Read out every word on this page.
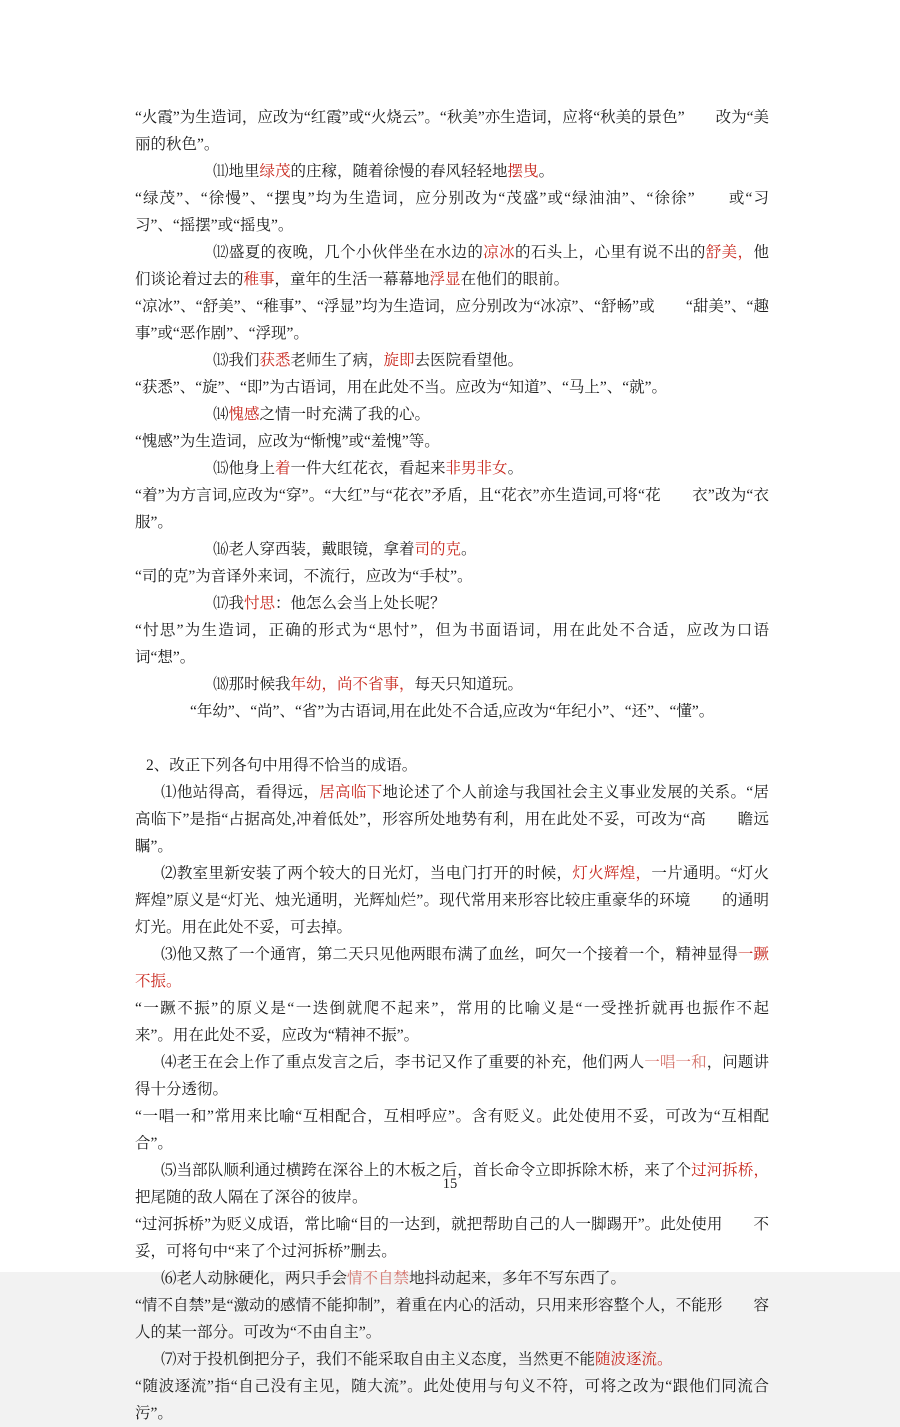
“火霞”为生造词，应改为“红霞”或“火烧云”。“秋美”亦生造词，应将“秋美的景色”　　改为“美丽的秋色”。

⑾地里绿茂的庄稼，随着徐慢的春风轻轻地摆曳。

“绿茂”、“徐慢”、“摆曳”均为生造词，应分别改为“茂盛”或“绿油油”、“徐徐”　　或“习习”、“摇摆”或“摇曳”。

⑿盛夏的夜晚，几个小伙伴坐在水边的凉冰的石头上，心里有说不出的舒美，他们谈论着过去的稚事，童年的生活一幕幕地浮显在他们的眼前。

“凉冰”、“舒美”、“稚事”、“浮显”均为生造词，应分别改为“冰凉”、“舒畅”或　　“甜美”、“趣事”或“恶作剧”、“浮现”。

⒀我们获悉老师生了病，旋即去医院看望他。

“获悉”、“旋”、“即”为古语词，用在此处不当。应改为“知道”、“马上”、“就”。

⒁愧感之情一时充满了我的心。

“愧感”为生造词，应改为“惭愧”或“羞愧”等。

⒂他身上着一件大红花衣，看起来非男非女。

“着”为方言词,应改为“穿”。“大红”与“花衣”矛盾，且“花衣”亦生造词,可将“花　　衣”改为“衣服”。

⒃老人穿西装，戴眼镜，拿着司的克。

“司的克”为音译外来词，不流行，应改为“手杖”。

⒄我忖思：他怎么会当上处长呢？

“忖思”为生造词，正确的形式为“思忖”，但为书面语词，用在此处不合适，应改为口语　　词“想”。

⒅那时候我年幼，尚不省事，每天只知道玩。

“年幼”、“尚”、“省”为古语词,用在此处不合适,应改为“年纪小”、“还”、“懂”。

2、改正下列各句中用得不恰当的成语。

⑴他站得高，看得远，居高临下地论述了个人前途与我国社会主义事业发展的关系。“居高临下”是指“占据高处,冲着低处”，形容所处地势有利，用在此处不妥，可改为“高　　瞻远瞩”。

⑵教室里新安装了两个较大的日光灯，当电门打开的时候，灯火辉煌，一片通明。“灯火辉煌”原义是“灯光、烛光通明，光辉灿烂”。现代常用来形容比较庄重豪华的环境　　的通明灯光。用在此处不妥，可去掉。

⑶他又熬了一个通宵，第二天只见他两眼布满了血丝，呵欠一个接着一个，精神显得一蹶不振。

“一蹶不振”的原义是“一迭倒就爬不起来”，常用的比喻义是“一受挫折就再也振作不起　　来”。用在此处不妥，应改为“精神不振”。

⑷老王在会上作了重点发言之后，李书记又作了重要的补充，他们两人一唱一和，问题讲得十分透彻。

“一唱一和”常用来比喻“互相配合，互相呼应”。含有贬义。此处使用不妥，可改为“互相配合”。

⑸当部队顺利通过横跨在深谷上的木板之后，首长命令立即拆除木桥，来了个过河拆桥，把尾随的敌人隔在了深谷的彼岸。

“过河拆桥”为贬义成语，常比喻“目的一达到，就把帮助自己的人一脚踢开”。此处使用　　不妥，可将句中“来了个过河拆桥”删去。

⑹老人动脉硬化，两只手会情不自禁地抖动起来，多年不写东西了。

“情不自禁”是“激动的感情不能抑制”，着重在内心的活动，只用来形容整个人，不能形　　容人的某一部分。可改为“不由自主”。

⑺对于投机倒把分子，我们不能采取自由主义态度，当然更不能随波逐流。

“随波逐流”指“自己没有主见，随大流”。此处使用与句义不符，可将之改为“跟他们同流合污”。

15
